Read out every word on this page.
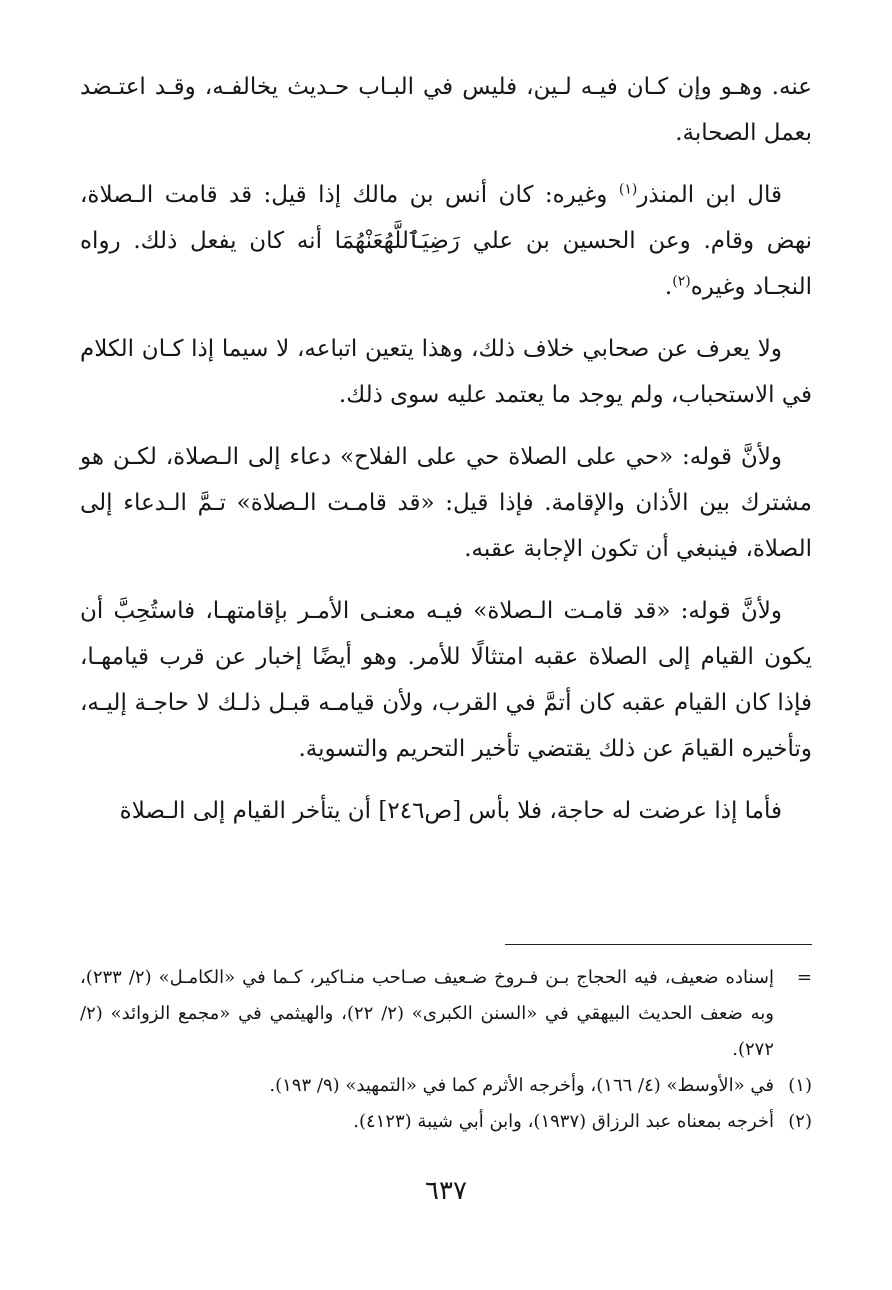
عنه. وهـو وإن كـان فيـه لـين، فليس في البـاب حـديث يخالفـه، وقـد اعتـضد بعمل الصحابة.

قال ابن المنذر$^{(١)}$ وغيره: كان أنس بن مالك إذا قيل: قد قامت الـصلاة، نهض وقام. وعن الحسين بن علي رَضِيَٱللَّهُعَنْهُمَا أنه كان يفعل ذلك. رواه النجـاد وغيره$^{(٢)}$.

ولا يعرف عن صحابي خلاف ذلك، وهذا يتعين اتباعه، لا سيما إذا كـان الكلام في الاستحباب، ولم يوجد ما يعتمد عليه سوى ذلك.

ولأنَّ قوله: «حي على الصلاة حي على الفلاح» دعاء إلى الـصلاة، لكـن هو مشترك بين الأذان والإقامة. فإذا قيل: «قد قامـت الـصلاة» تـمَّ الـدعاء إلى الصلاة، فينبغي أن تكون الإجابة عقبه.

ولأنَّ قوله: «قد قامـت الـصلاة» فيـه معنـى الأمـر بإقامتهـا، فاستُحِبَّ أن يكون القيام إلى الصلاة عقبه امتثالًا للأمر. وهو أيضًا إخبار عن قرب قيامهـا، فإذا كان القيام عقبه كان أتمَّ في القرب، ولأن قيامـه قبـل ذلـك لا حاجـة إليـه، وتأخيره القيامَ عن ذلك يقتضي تأخير التحريم والتسوية.

فأما إذا عرضت له حاجة، فلا بأس [ص٢٤٦] أن يتأخر القيام إلى الـصلاة

=
إسناده ضعيف، فيه الحجاج بـن فـروخ ضـعيف صـاحب منـاكير، كـما في «الكامـل» (٢/ ٢٣٣)، وبه ضعف الحديث البيهقي في «السنن الكبرى» (٢/ ٢٢)، والهيثمي في «مجمع الزوائد» (٢/ ٢٧٢).
(١)
في «الأوسط» (٤/ ١٦٦)، وأخرجه الأثرم كما في «التمهيد» (٩/ ١٩٣).
(٢)
أخرجه بمعناه عبد الرزاق (١٩٣٧)، وابن أبي شيبة (٤١٢٣).
٦٣٧
